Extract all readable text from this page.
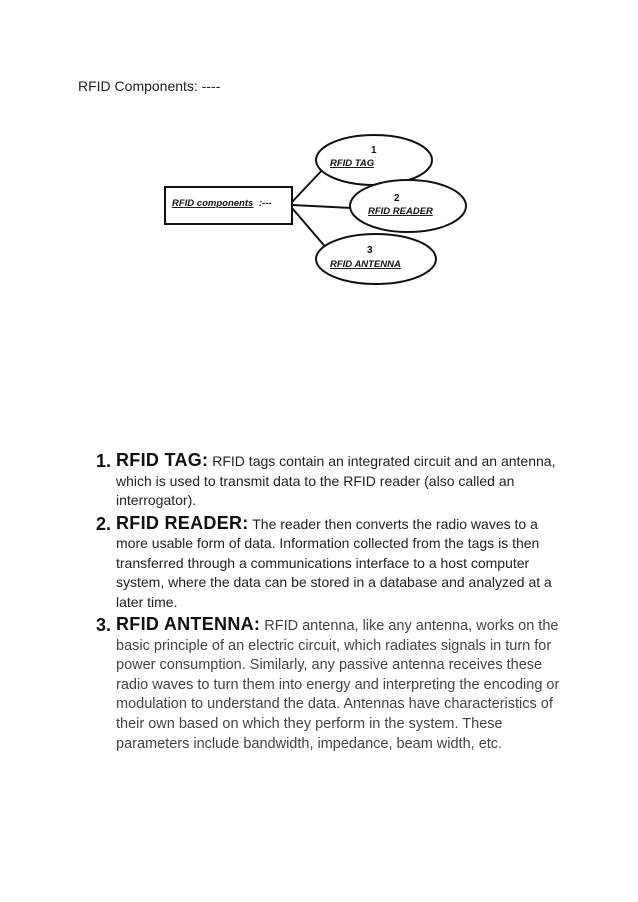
RFID Components: ----
RFID components :---
1
RFID TAG
2
RFID READER
3
RFID ANTENNA
1. RFID TAG: RFID tags contain an integrated circuit and an antenna, which is used to transmit data to the RFID reader (also called an interrogator).
2. RFID READER: The reader then converts the radio waves to a more usable form of data. Information collected from the tags is then transferred through a communications interface to a host computer system, where the data can be stored in a database and analyzed at a later time.
3. RFID ANTENNA: RFID antenna, like any antenna, works on the basic principle of an electric circuit, which radiates signals in turn for power consumption. Similarly, any passive antenna receives these radio waves to turn them into energy and interpreting the encoding or modulation to understand the data. Antennas have characteristics of their own based on which they perform in the system. These parameters include bandwidth, impedance, beam width, etc.
